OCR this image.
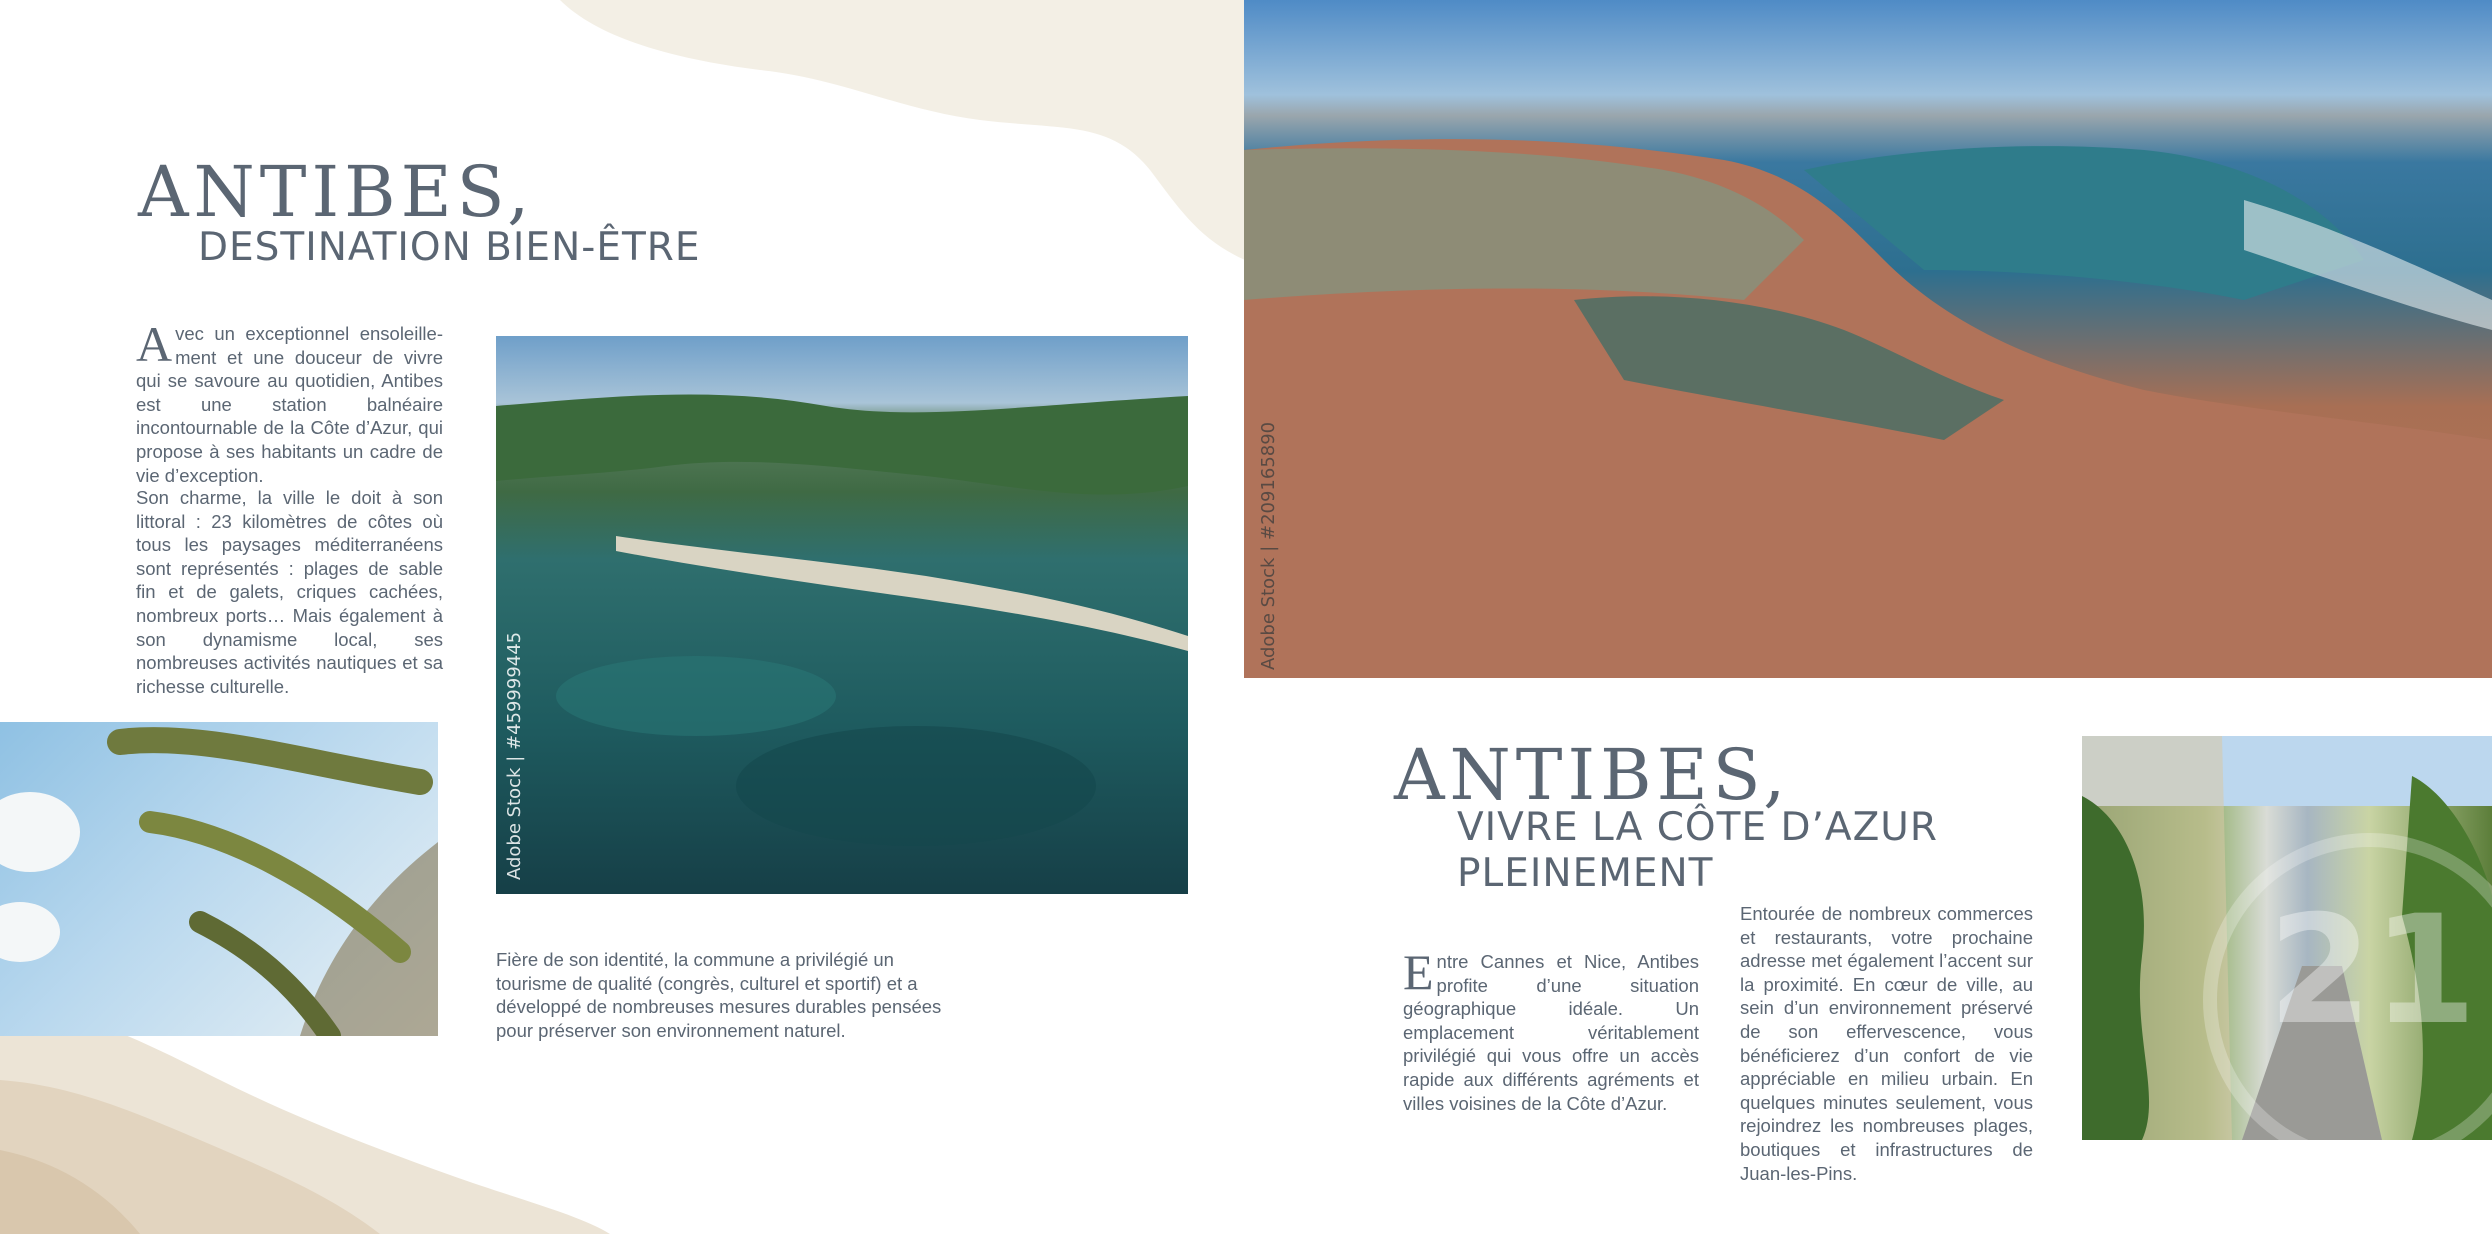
ANTIBES,
DESTINATION BIEN-ÊTRE

Avec un exceptionnel ensoleille-ment et une douceur de vivre qui se savoure au quotidien, Antibes est une station balnéaire incontournable de la Côte d’Azur, qui propose à ses habitants un cadre de vie d’exception.

Son charme, la ville le doit à son littoral : 23 kilomètres de côtes où tous les paysages méditerranéens sont représentés : plages de sable fin et de galets, criques cachées, nombreux ports… Mais également à son dynamisme local, ses nombreuses activités nautiques et sa richesse culturelle.

Fière de son identité, la commune a privilégié un tourisme de qualité (congrès, culturel et sportif) et a développé de nombreuses mesures durables pensées pour préserver son environnement naturel.

Adobe Stock | #459999445
Adobe Stock | #209165890
ANTIBES,
VIVRE LA CÔTE D’AZUR
PLEINEMENT

Entre Cannes et Nice, Antibes profite d’une situation géographique idéale. Un emplacement véritablement privilégié qui vous offre un accès rapide aux différents agréments et villes voisines de la Côte d’Azur.

Entourée de nombreux commerces et restaurants, votre prochaine adresse met également l’accent sur la proximité. En cœur de ville, au sein d’un environnement préservé de son effervescence, vous bénéficierez d’un confort de vie appréciable en milieu urbain. En quelques minutes seulement, vous rejoindrez les nombreuses plages, boutiques et infrastructures de Juan-les-Pins.

21
